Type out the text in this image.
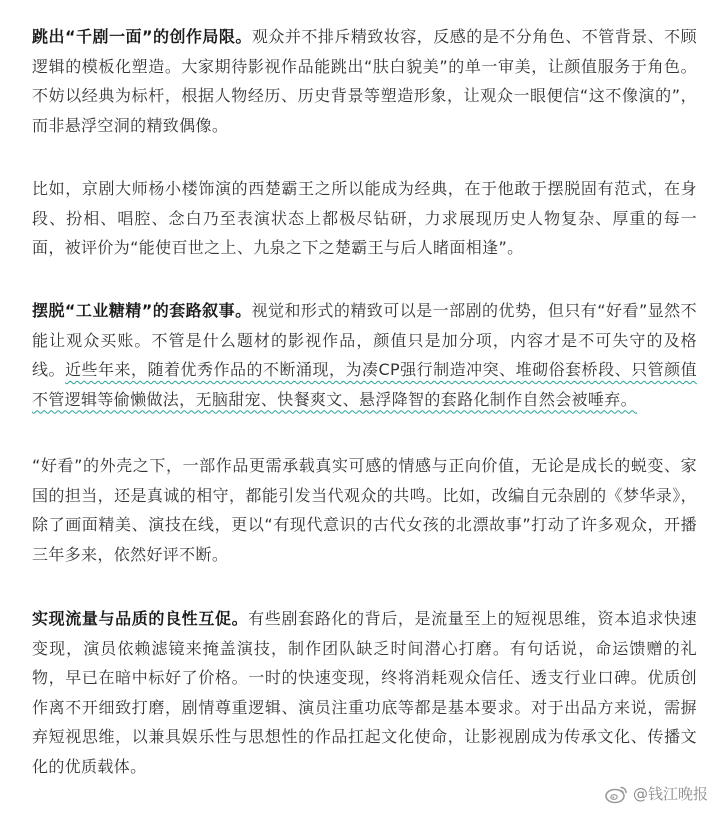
跳出“千剧一面”的创作局限。观众并不排斥精致妆容，反感的是不分角色、不管背景、不顾逻辑的模板化塑造。大家期待影视作品能跳出“肤白貌美”的单一审美，让颜值服务于角色。不妨以经典为标杆，根据人物经历、历史背景等塑造形象，让观众一眼便信“这不像演的”，而非悬浮空洞的精致偶像。

比如，京剧大师杨小楼饰演的西楚霸王之所以能成为经典，在于他敢于摆脱固有范式，在身段、扮相、唱腔、念白乃至表演状态上都极尽钻研，力求展现历史人物复杂、厚重的每一面，被评价为“能使百世之上、九泉之下之楚霸王与后人睹面相逢”。

摆脱“工业糖精”的套路叙事。视觉和形式的精致可以是一部剧的优势，但只有“好看”显然不能让观众买账。不管是什么题材的影视作品，颜值只是加分项，内容才是不可失守的及格线。近些年来，随着优秀作品的不断涌现，为凑CP强行制造冲突、堆砌俗套桥段、只管颜值不管逻辑等偷懒做法，无脑甜宠、快餐爽文、悬浮降智的套路化制作自然会被唾弃。

“好看”的外壳之下，一部作品更需承载真实可感的情感与正向价值，无论是成长的蜕变、家国的担当，还是真诚的相守，都能引发当代观众的共鸣。比如，改编自元杂剧的《梦华录》，除了画面精美、演技在线，更以“有现代意识的古代女孩的北漂故事”打动了许多观众，开播三年多来，依然好评不断。

实现流量与品质的良性互促。有些剧套路化的背后，是流量至上的短视思维，资本追求快速变现，演员依赖滤镜来掩盖演技，制作团队缺乏时间潜心打磨。有句话说，命运馈赠的礼物，早已在暗中标好了价格。一时的快速变现，终将消耗观众信任、透支行业口碑。优质创作离不开细致打磨，剧情尊重逻辑、演员注重功底等都是基本要求。对于出品方来说，需摒弃短视思维，以兼具娱乐性与思想性的作品扛起文化使命，让影视剧成为传承文化、传播文化的优质载体。

@钱江晚报
